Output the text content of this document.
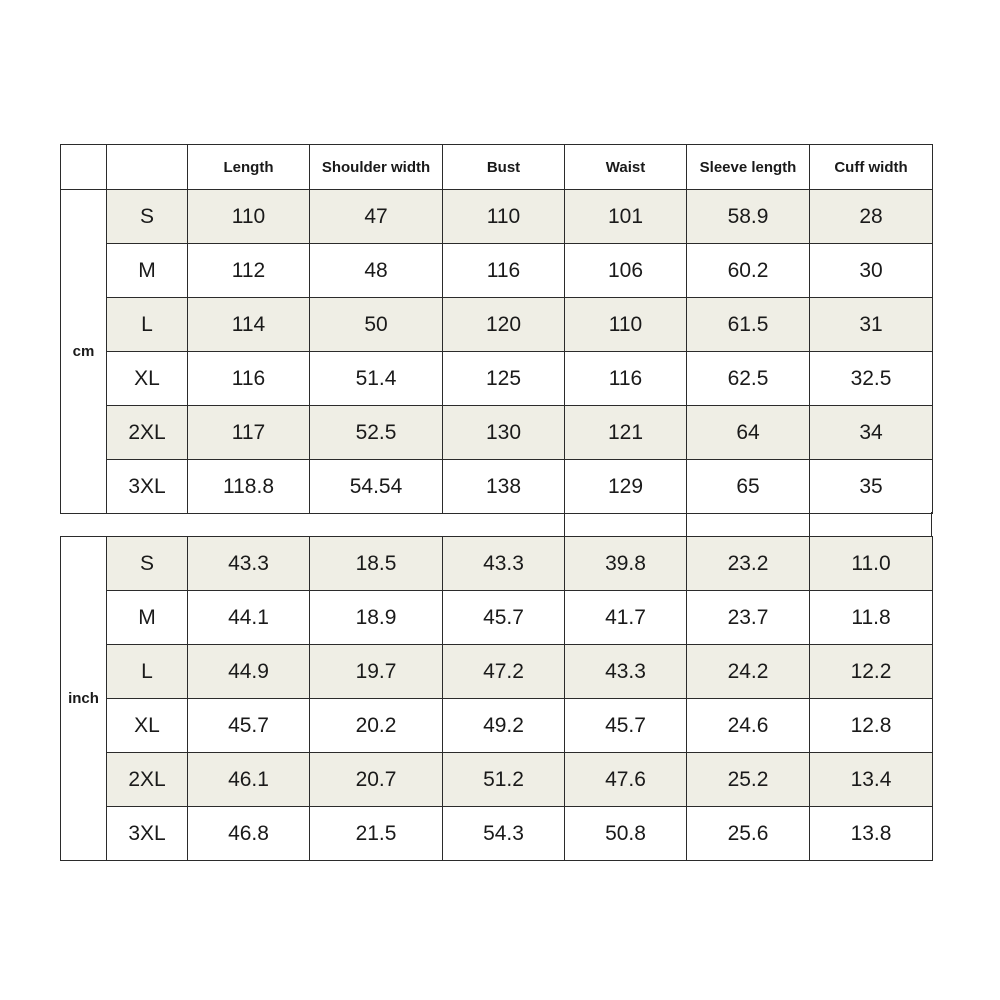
		Length	Shoulder width	Bust	Waist	Sleeve length	Cuff width
cm	S	110	47	110	101	58.9	28
	M	112	48	116	106	60.2	30
	L	114	50	120	110	61.5	31
	XL	116	51.4	125	116	62.5	32.5
	2XL	117	52.5	130	121	64	34
	3XL	118.8	54.54	138	129	65	35
inch	S	43.3	18.5	43.3	39.8	23.2	11.0
	M	44.1	18.9	45.7	41.7	23.7	11.8
	L	44.9	19.7	47.2	43.3	24.2	12.2
	XL	45.7	20.2	49.2	45.7	24.6	12.8
	2XL	46.1	20.7	51.2	47.6	25.2	13.4
	3XL	46.8	21.5	54.3	50.8	25.6	13.8
